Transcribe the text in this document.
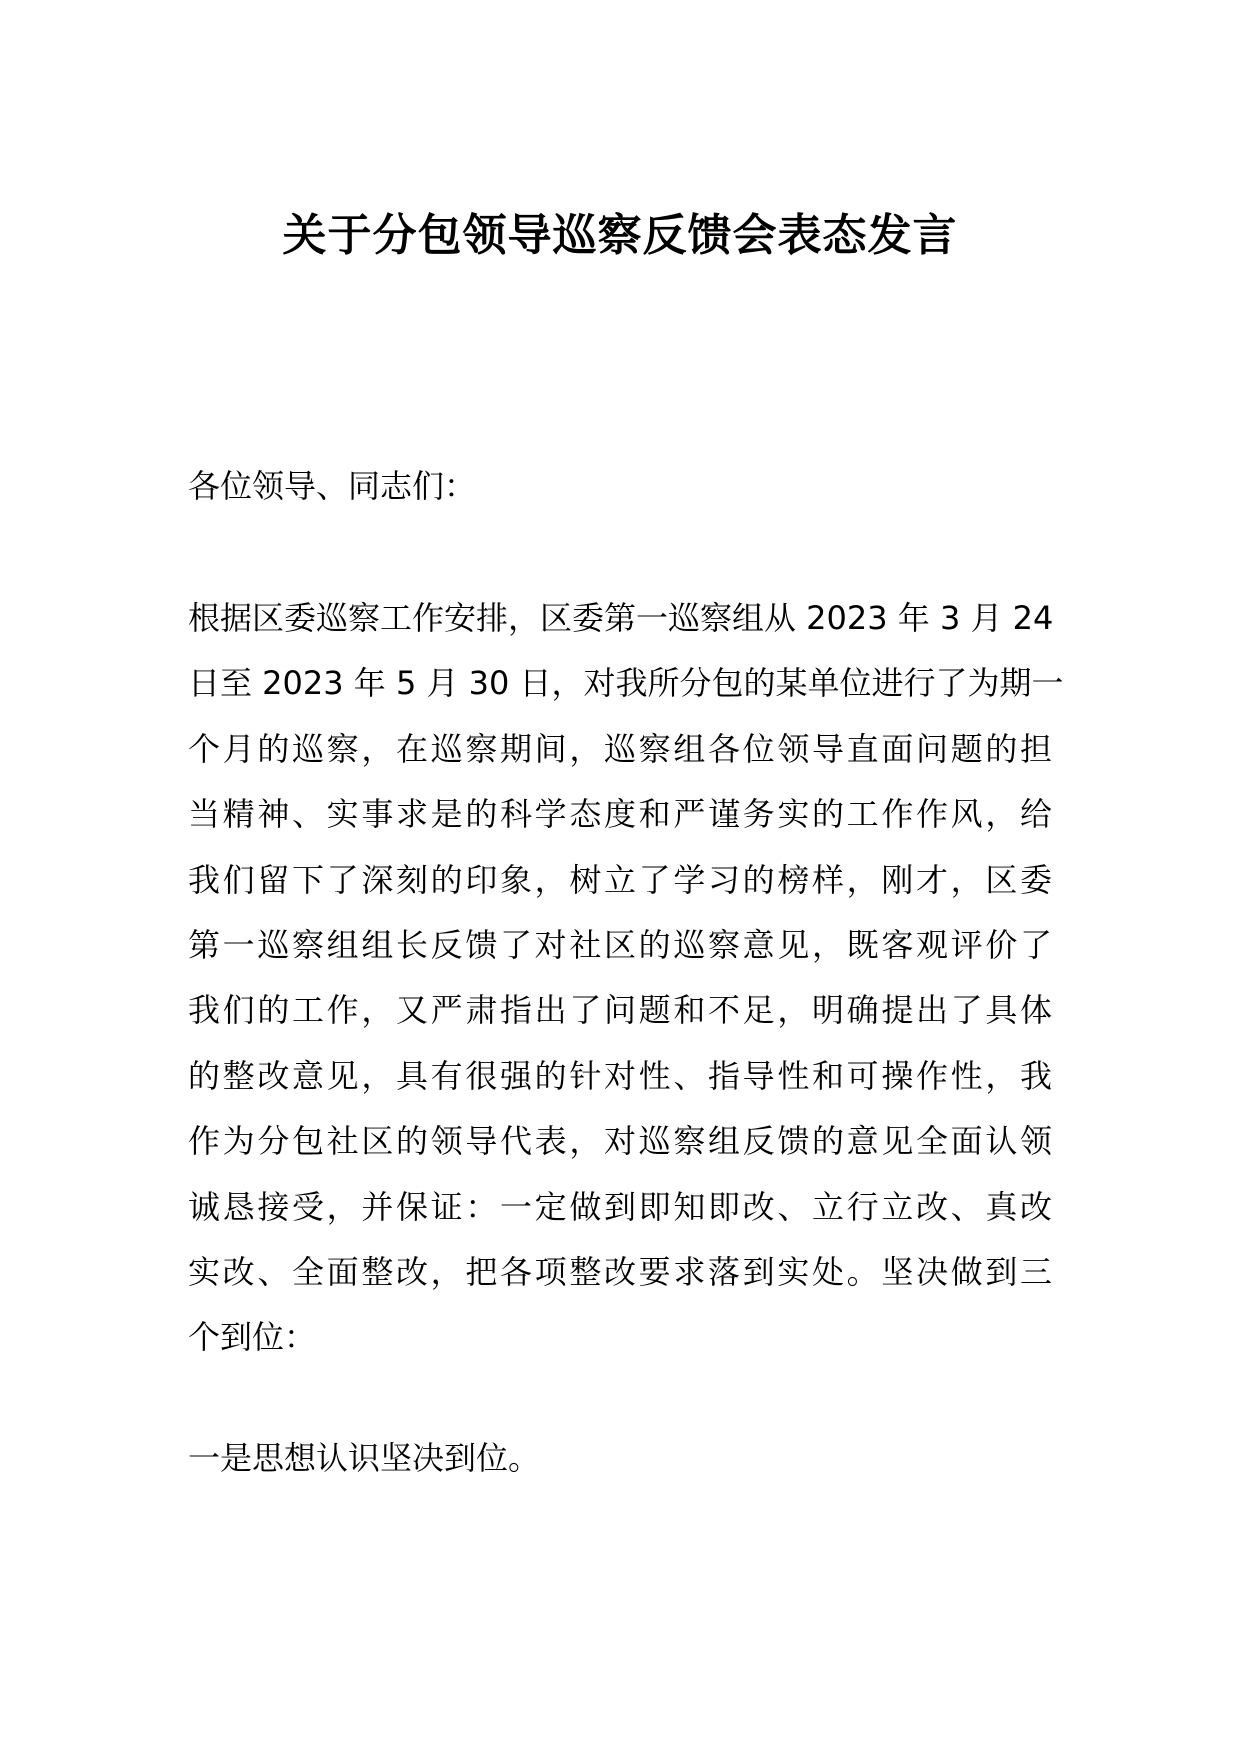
关于分包领导巡察反馈会表态发言

各位领导、同志们：

根据区委巡察工作安排，区委第一巡察组从 2023 年 3 月 24
日至 2023 年 5 月 30 日，对我所分包的某单位进行了为期一
个月的巡察，在巡察期间，巡察组各位领导直面问题的担
当精神、实事求是的科学态度和严谨务实的工作作风，给
我们留下了深刻的印象，树立了学习的榜样，刚才，区委
第一巡察组组长反馈了对社区的巡察意见，既客观评价了
我们的工作，又严肃指出了问题和不足，明确提出了具体
的整改意见，具有很强的针对性、指导性和可操作性，我
作为分包社区的领导代表，对巡察组反馈的意见全面认领
诚恳接受，并保证：一定做到即知即改、立行立改、真改
实改、全面整改，把各项整改要求落到实处。坚决做到三
个到位：

一是思想认识坚决到位。
